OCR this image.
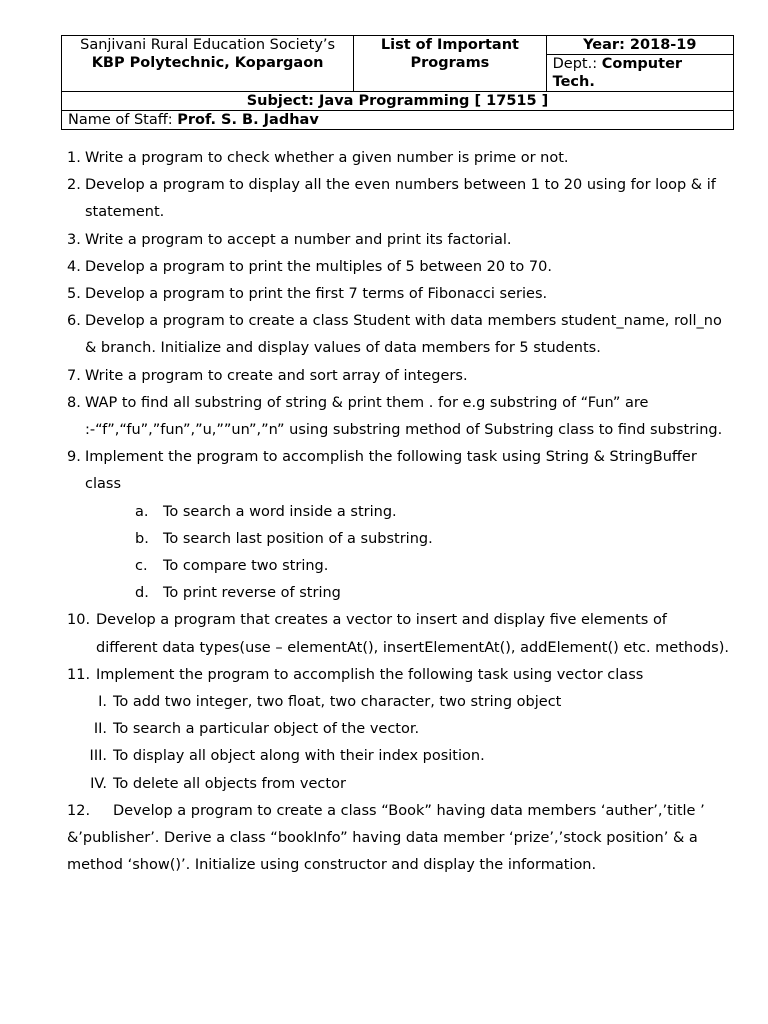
Sanjivani Rural Education Society’s
KBP Polytechnic, Kopargaon
	List of Important Programs	
Year: 2018-19
Dept.: Computer Tech.

Subject: Java Programming [ 17515 ]
Name of Staff: Prof. S. B. Jadhav
1. Write a program to check whether a given number is prime or not.
2. Develop a program to display all the even numbers between 1 to 20 using for loop & if statement.
3. Write a program to accept a number and print its factorial.
4. Develop a program to print the multiples of 5 between 20 to 70.
5. Develop a program to print the first 7 terms of Fibonacci series.
6. Develop a program to create a class Student with data members student_name, roll_no & branch. Initialize and display values of data members for 5 students.
7. Write a program to create and sort array of integers.
8. WAP to find all substring of string & print them . for e.g substring of “Fun” are :-“f”,“fu”,”fun”,”u,””un”,”n” using substring method of Substring class to find substring.
9. Implement the program to accomplish the following task using String & StringBuffer class
a. To search a word inside a string.
b. To search last position of a substring.
c. To compare two string.
d. To print reverse of string
10. Develop a program that creates a vector to insert and display five elements of different data types(use – elementAt(), insertElementAt(), addElement() etc. methods).
11. Implement the program to accomplish the following task using vector class
I. To add two integer, two float, two character, two string object
II. To search a particular object of the vector.
III. To display all object along with their index position.
IV. To delete all objects from vector
12. Develop a program to create a class “Book” having data members ‘auther’,’title ’ &’publisher’. Derive a class “bookInfo” having data member ‘prize’,’stock position’ & a method ‘show()’. Initialize using constructor and display the information.
